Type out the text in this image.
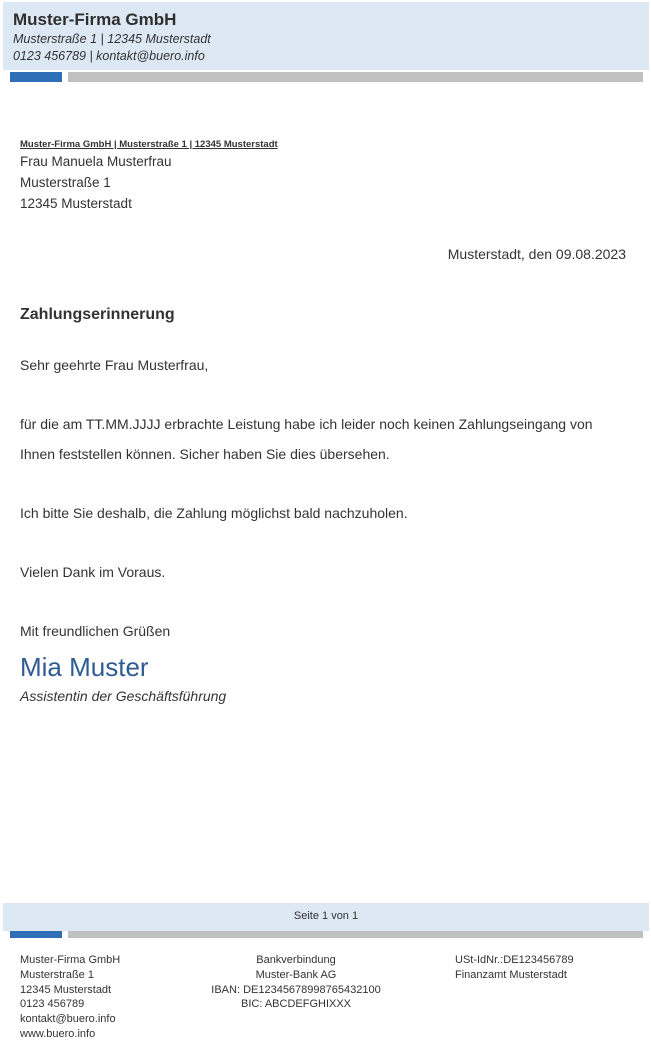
Muster-Firma GmbH
Musterstraße 1 | 12345 Musterstadt
0123 456789 | kontakt@buero.info
Muster-Firma GmbH | Musterstraße 1 | 12345 Musterstadt
Frau Manuela Musterfrau
Musterstraße 1
12345 Musterstadt
Musterstadt, den 09.08.2023
Zahlungserinnerung
Sehr geehrte Frau Musterfrau,
für die am TT.MM.JJJJ erbrachte Leistung habe ich leider noch keinen Zahlungseingang von
Ihnen feststellen können. Sicher haben Sie dies übersehen.
Ich bitte Sie deshalb, die Zahlung möglichst bald nachzuholen.
Vielen Dank im Voraus.
Mit freundlichen Grüßen
Mia Muster
Assistentin der Geschäftsführung
Seite 1 von 1
Muster-Firma GmbH
Musterstraße 1
12345 Musterstadt
0123 456789
kontakt@buero.info
www.buero.info
Bankverbindung
Muster-Bank AG
IBAN: DE12345678998765432100
BIC: ABCDEFGHIXXX
USt-IdNr.:DE123456789
Finanzamt Musterstadt
